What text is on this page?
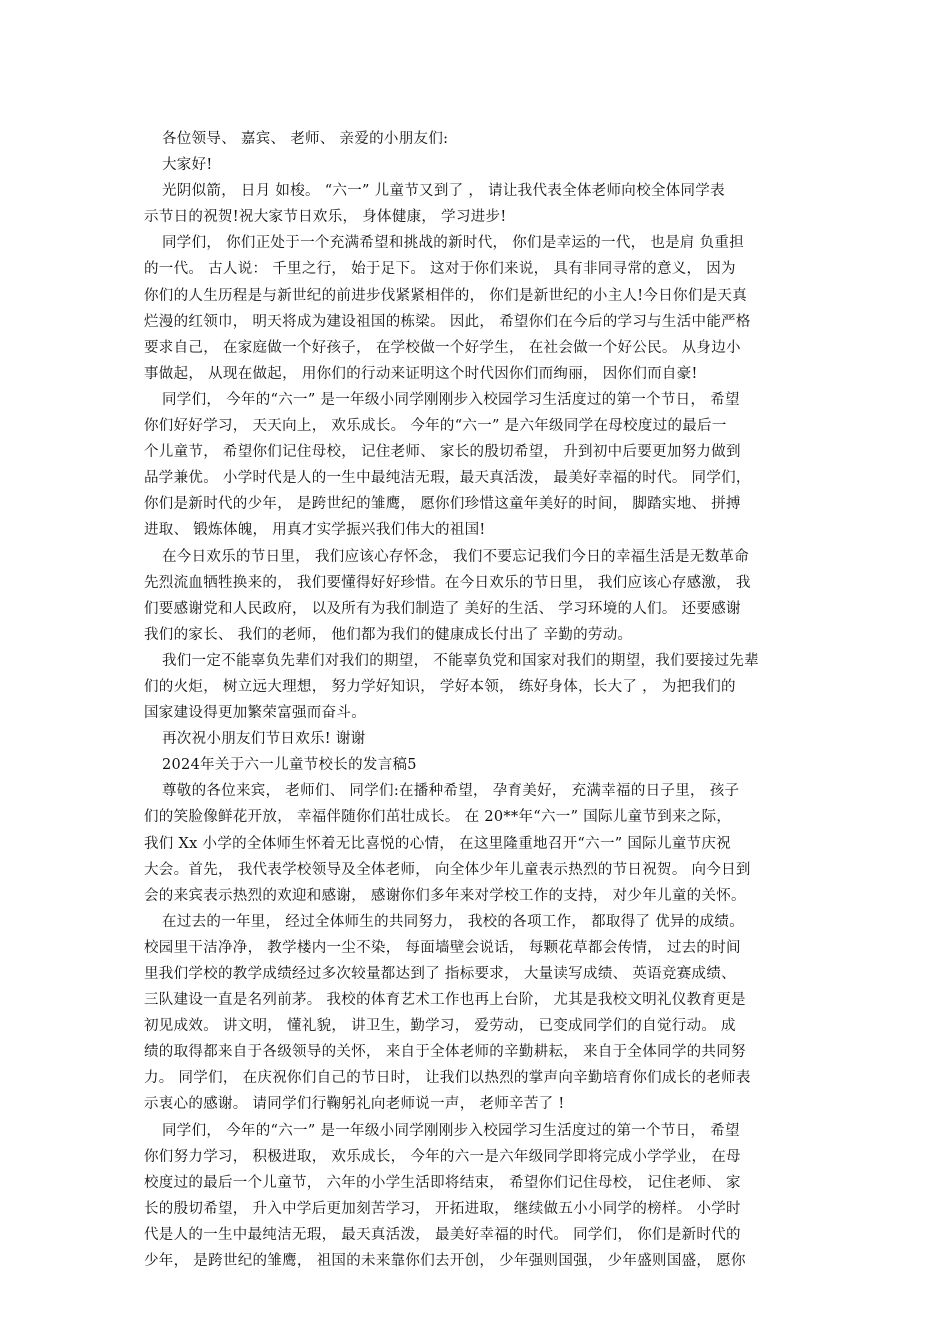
各位领导、 嘉宾、 老师、 亲爱的小朋友们:
大家好!
光阴似箭， 日月 如梭。 “六一” 儿童节又到了 ， 请让我代表全体老师向校全体同学表
示节日的祝贺!祝大家节日欢乐， 身体健康， 学习进步!
同学们， 你们正处于一个充满希望和挑战的新时代， 你们是幸运的一代， 也是肩 负重担
的一代。 古人说： 千里之行， 始于足下。 这对于你们来说， 具有非同寻常的意义， 因为
你们的人生历程是与新世纪的前进步伐紧紧相伴的， 你们是新世纪的小主人!今日你们是天真
烂漫的红领巾， 明天将成为建设祖国的栋梁。 因此， 希望你们在今后的学习与生活中能严格
要求自己， 在家庭做一个好孩子， 在学校做一个好学生， 在社会做一个好公民。 从身边小
事做起， 从现在做起， 用你们的行动来证明这个时代因你们而绚丽， 因你们而自豪!
同学们， 今年的“六一” 是一年级小同学刚刚步入校园学习生活度过的第一个节日， 希望
你们好好学习， 天天向上， 欢乐成长。 今年的“六一” 是六年级同学在母校度过的最后一
个儿童节， 希望你们记住母校， 记住老师、 家长的殷切希望， 升到初中后要更加努力做到
品学兼优。 小学时代是人的一生中最纯洁无瑕，最天真活泼， 最美好幸福的时代。 同学们，
你们是新时代的少年， 是跨世纪的雏鹰， 愿你们珍惜这童年美好的时间， 脚踏实地、 拼搏
进取、 锻炼体魄， 用真才实学振兴我们伟大的祖国!
在今日欢乐的节日里， 我们应该心存怀念， 我们不要忘记我们今日的幸福生活是无数革命
先烈流血牺牲换来的， 我们要懂得好好珍惜。在今日欢乐的节日里， 我们应该心存感激， 我
们要感谢党和人民政府， 以及所有为我们制造了 美好的生活、 学习环境的人们。 还要感谢
我们的家长、 我们的老师， 他们都为我们的健康成长付出了 辛勤的劳动。
我们一定不能辜负先辈们对我们的期望， 不能辜负党和国家对我们的期望，我们要接过先辈
们的火炬， 树立远大理想， 努力学好知识， 学好本领， 练好身体，长大了 ， 为把我们的
国家建设得更加繁荣富强而奋斗。
再次祝小朋友们节日欢乐! 谢谢
2024年关于六一儿童节校长的发言稿5
尊敬的各位来宾， 老师们、 同学们:在播种希望， 孕育美好， 充满幸福的日子里， 孩子
们的笑脸像鲜花开放， 幸福伴随你们茁壮成长。 在 20**年“六一” 国际儿童节到来之际，
我们 Xx 小学的全体师生怀着无比喜悦的心情， 在这里隆重地召开“六一” 国际儿童节庆祝
大会。首先， 我代表学校领导及全体老师， 向全体少年儿童表示热烈的节日祝贺。 向今日到
会的来宾表示热烈的欢迎和感谢， 感谢你们多年来对学校工作的支持， 对少年儿童的关怀。
在过去的一年里， 经过全体师生的共同努力， 我校的各项工作， 都取得了 优异的成绩。
校园里干洁净净， 教学楼内一尘不染， 每面墙壁会说话， 每颗花草都会传情， 过去的时间
里我们学校的教学成绩经过多次较量都达到了 指标要求， 大量读写成绩、 英语竞赛成绩、
三队建设一直是名列前茅。 我校的体育艺术工作也再上台阶， 尤其是我校文明礼仪教育更是
初见成效。 讲文明， 懂礼貌， 讲卫生，勤学习， 爱劳动， 已变成同学们的自觉行动。 成
绩的取得都来自于各级领导的关怀， 来自于全体老师的辛勤耕耘， 来自于全体同学的共同努
力。 同学们， 在庆祝你们自己的节日时， 让我们以热烈的掌声向辛勤培育你们成长的老师表
示衷心的感谢。 请同学们行鞠躬礼向老师说一声， 老师辛苦了 !
同学们， 今年的“六一” 是一年级小同学刚刚步入校园学习生活度过的第一个节日， 希望
你们努力学习， 积极进取， 欢乐成长， 今年的六一是六年级同学即将完成小学学业， 在母
校度过的最后一个儿童节， 六年的小学生活即将结束， 希望你们记住母校， 记住老师、 家
长的殷切希望， 升入中学后更加刻苦学习， 开拓进取， 继续做五小小同学的榜样。 小学时
代是人的一生中最纯洁无瑕， 最天真活泼， 最美好幸福的时代。 同学们， 你们是新时代的
少年， 是跨世纪的雏鹰， 祖国的未来靠你们去开创， 少年强则国强， 少年盛则国盛， 愿你
